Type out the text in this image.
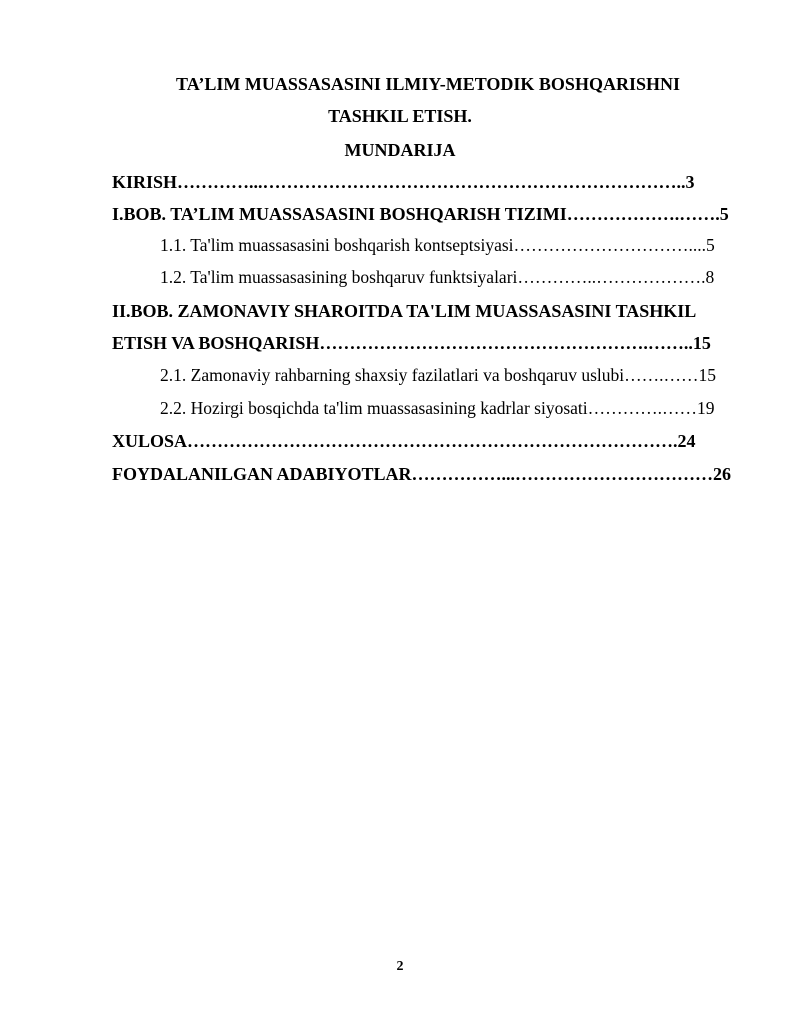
TA’LIM MUASSASASINI ILMIY-METODIK BOSHQARISHNI
TASHKIL ETISH.
MUNDARIJA
KIRISH…………...……………………………………………………………..3
I.BOB. TA’LIM MUASSASASINI BOSHQARISH TIZIMI……………….…….5
1.1. Ta'lim muassasasini boshqarish kontseptsiyasi…………………………....5
1.2. Ta'lim muassasasining boshqaruv funktsiyalari…………..……………….8
II.BOB. ZAMONAVIY SHAROITDA TA'LIM MUASSASASINI TASHKIL
ETISH VA BOSHQARISH……………………………………………….……..15
2.1. Zamonaviy rahbarning shaxsiy fazilatlari va boshqaruv uslubi…….……15
2.2. Hozirgi bosqichda ta'lim muassasasining kadrlar siyosati………….……19
XULOSA……………………………………………………………………….24
FOYDALANILGAN ADABIYOTLAR……………...……………………………26
2
